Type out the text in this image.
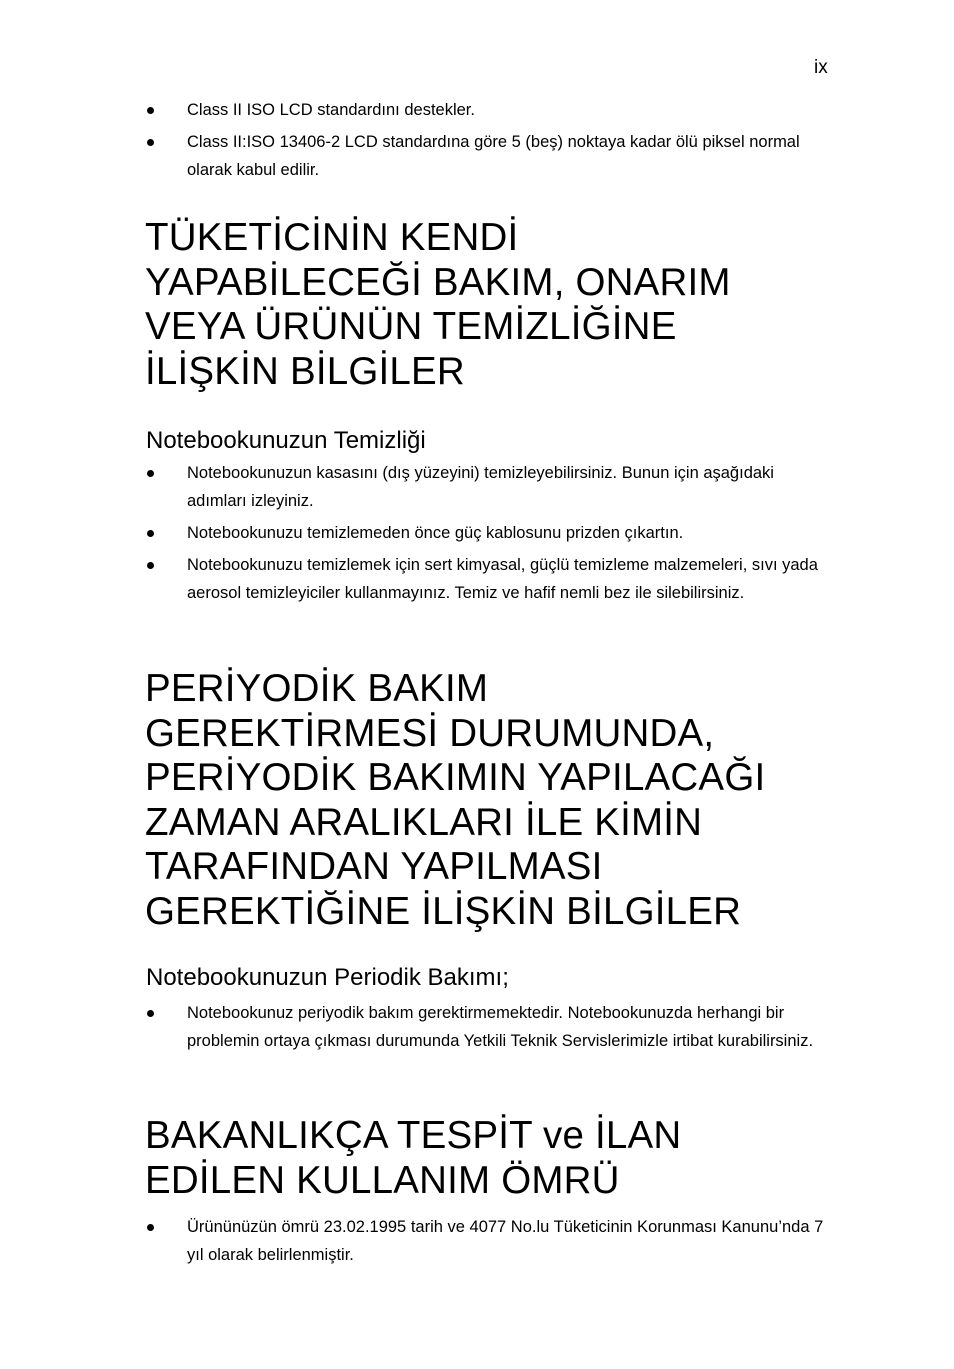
ix
Class II ISO LCD standardını destekler.
Class II:ISO 13406-2 LCD standardına göre 5 (beş) noktaya kadar ölü piksel normal olarak kabul edilir.
TÜKETİCİNİN KENDİ
YAPABİLECEĞİ BAKIM, ONARIM
VEYA ÜRÜNÜN TEMİZLİĞİNE
İLİŞKİN BİLGİLER
Notebookunuzun Temizliği
Notebookunuzun kasasını (dış yüzeyini) temizleyebilirsiniz. Bunun için aşağıdaki adımları izleyiniz.
Notebookunuzu temizlemeden önce güç kablosunu prizden çıkartın.
Notebookunuzu temizlemek için sert kimyasal, güçlü temizleme malzemeleri, sıvı yada aerosol temizleyiciler kullanmayınız. Temiz ve hafif nemli bez ile silebilirsiniz.
PERİYODİK BAKIM
GEREKTİRMESİ DURUMUNDA,
PERİYODİK BAKIMIN YAPILACAĞI
ZAMAN ARALIKLARI İLE KİMİN
TARAFINDAN YAPILMASI
GEREKTİĞİNE İLİŞKİN BİLGİLER
Notebookunuzun Periodik Bakımı;
Notebookunuz periyodik bakım gerektirmemektedir. Notebookunuzda herhangi bir problemin ortaya çıkması durumunda Yetkili Teknik Servislerimizle irtibat kurabilirsiniz.
BAKANLIKÇA TESPİT ve İLAN
EDİLEN KULLANIM ÖMRÜ
Ürününüzün ömrü 23.02.1995 tarih ve 4077 No.lu Tüketicinin Korunması Kanunu’nda 7 yıl olarak belirlenmiştir.
